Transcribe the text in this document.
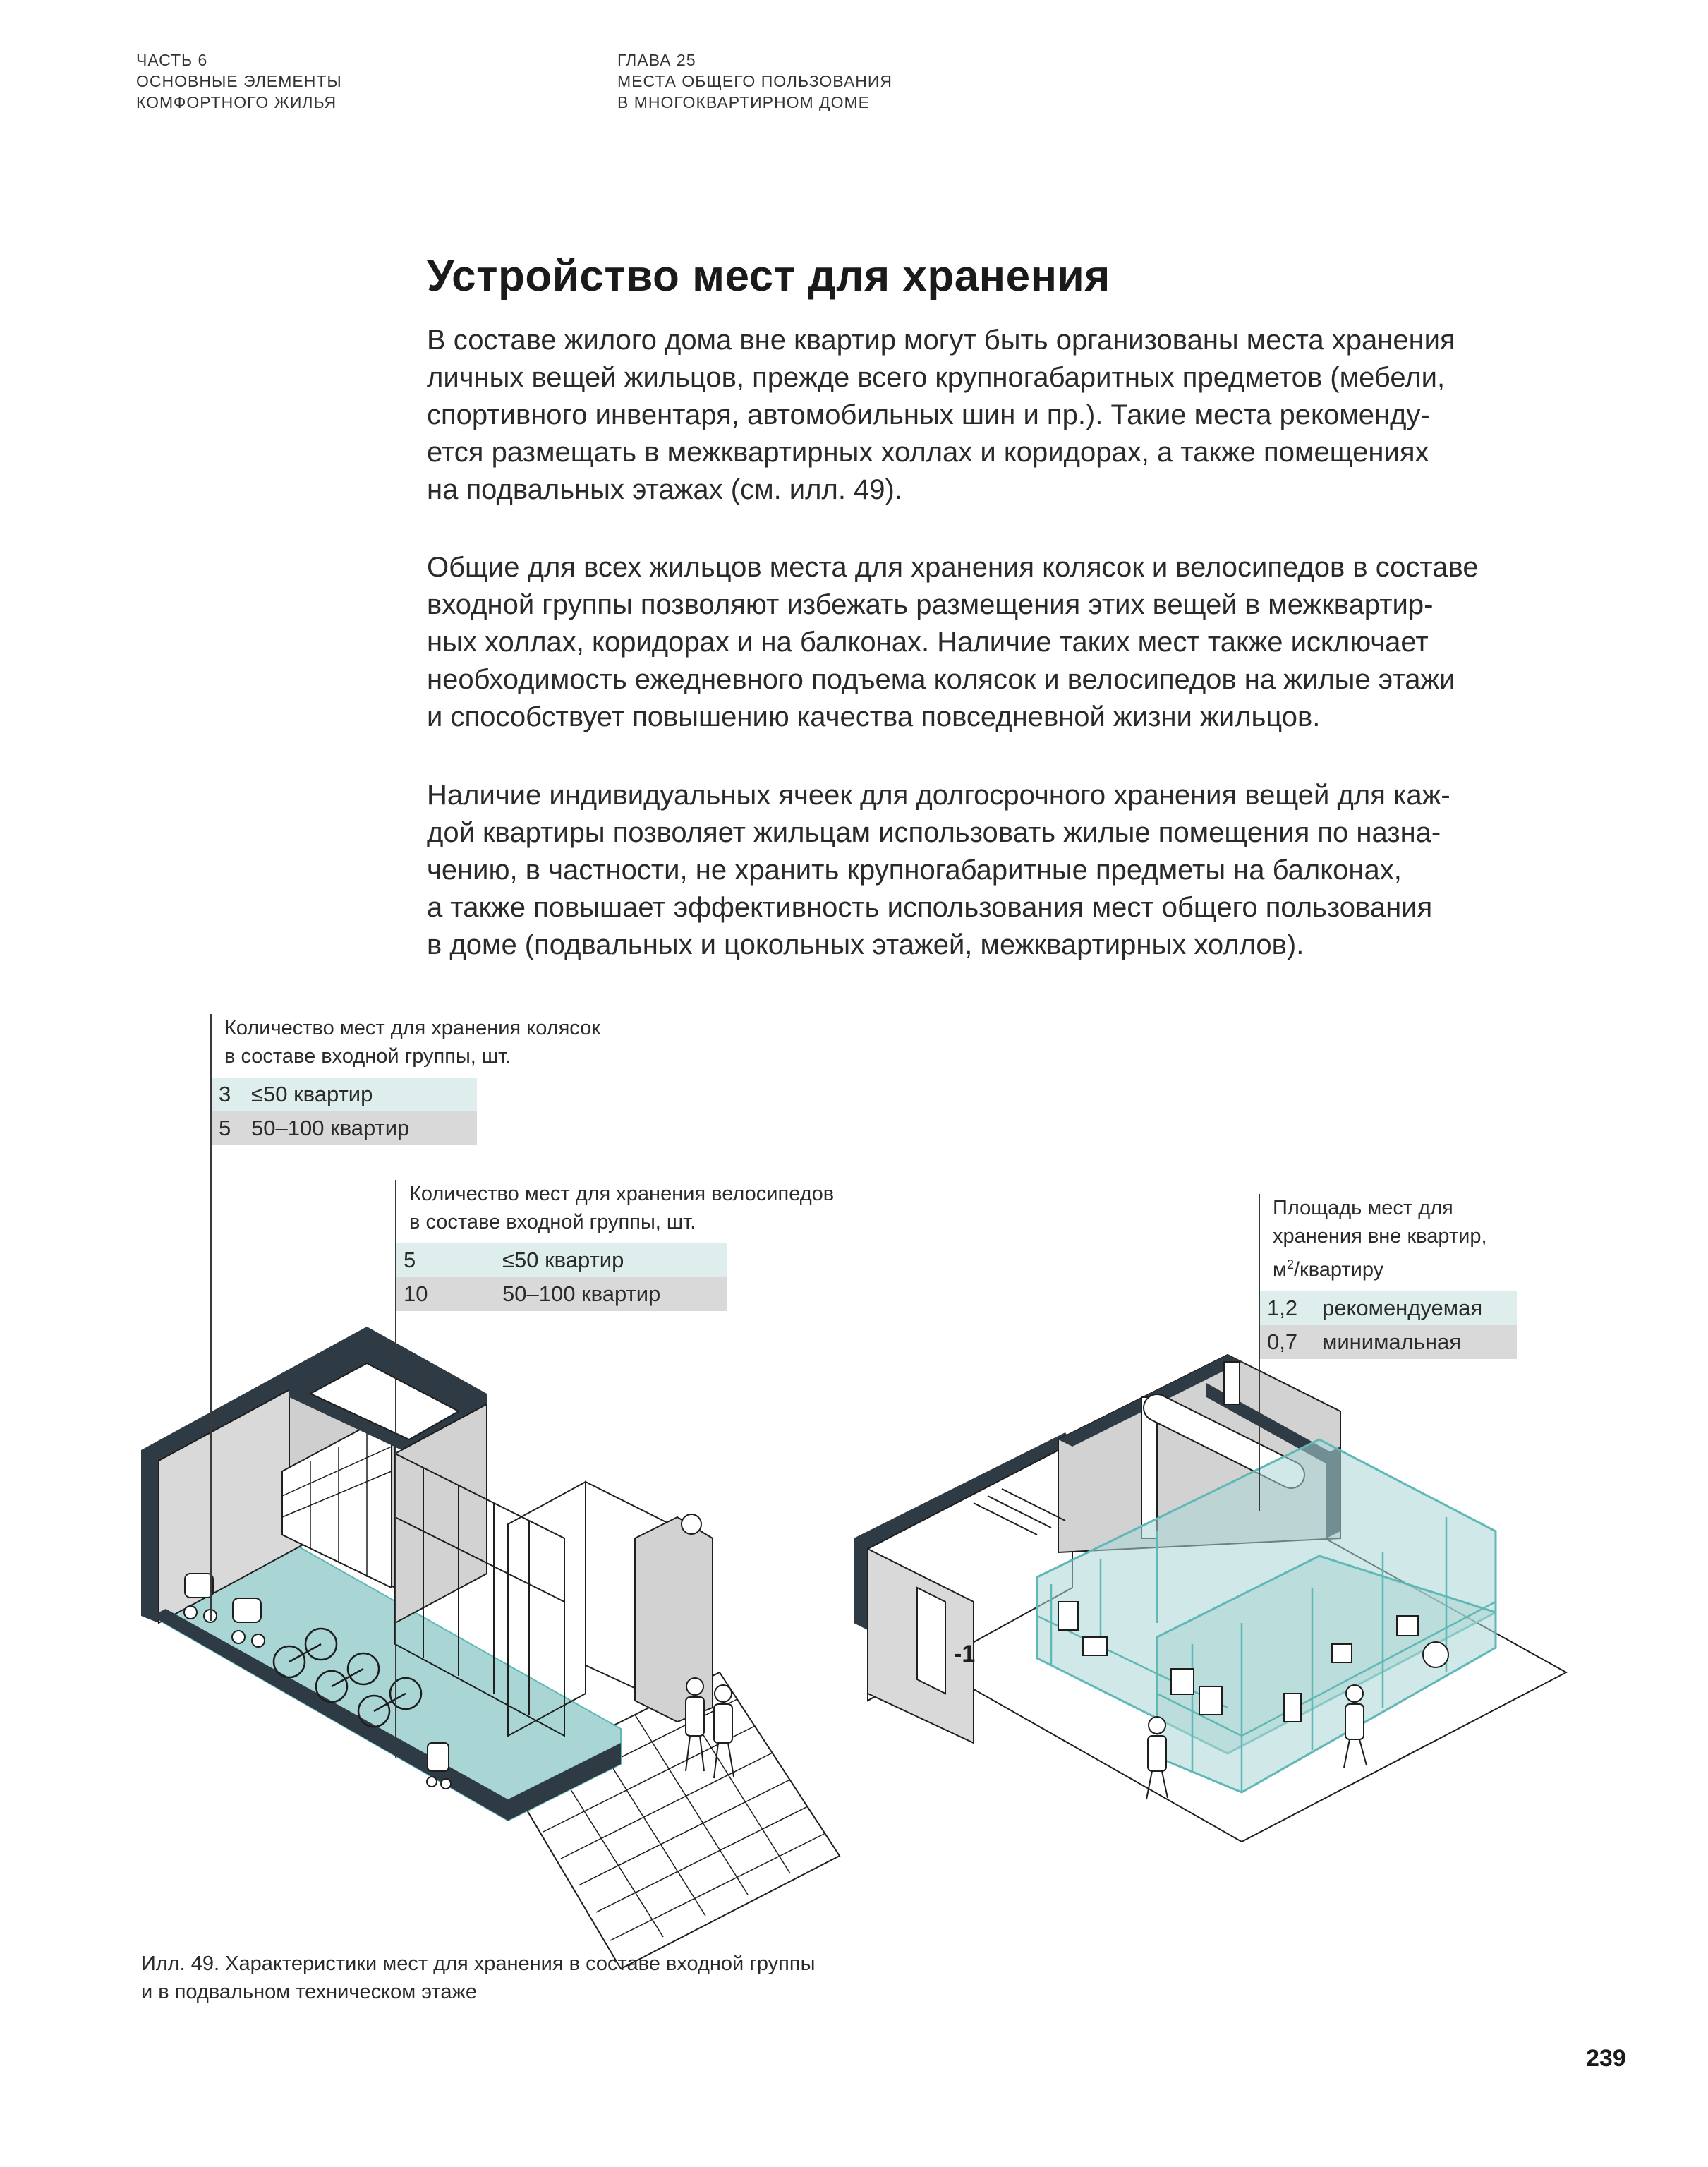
ЧАСТЬ 6
ОСНОВНЫЕ ЭЛЕМЕНТЫ
КОМФОРТНОГО ЖИЛЬЯ
ГЛАВА 25
МЕСТА ОБЩЕГО ПОЛЬЗОВАНИЯ
В МНОГОКВАРТИРНОМ ДОМЕ
Устройство мест для хранения
В составе жилого дома вне квартир могут быть организованы места хранения
личных вещей жильцов, прежде всего крупногабаритных предметов (мебели,
спортивного инвентаря, автомобильных шин и пр.). Такие места рекоменду-
ется размещать в межквартирных холлах и коридорах, а также помещениях
на подвальных этажах (см. илл. 49).
Общие для всех жильцов места для хранения колясок и велосипедов в составе
входной группы позволяют избежать размещения этих вещей в межквартир-
ных холлах, коридорах и на балконах. Наличие таких мест также исключает
необходимость ежедневного подъема колясок и велосипедов на жилые этажи
и способствует повышению качества повседневной жизни жильцов.
Наличие индивидуальных ячеек для долгосрочного хранения вещей для каж-
дой квартиры позволяет жильцам использовать жилые помещения по назна-
чению, в частности, не хранить крупногабаритные предметы на балконах,
а также повышает эффективность использования мест общего пользования
в доме (подвальных и цокольных этажей, межквартирных холлов).
-1
Количество мест для хранения колясок
в составе входной группы, шт.
3	≤50 квартир
5	50–100 квартир
Количество мест для хранения велосипедов
в составе входной группы, шт.
5	≤50 квартир
10	50–100 квартир
Площадь мест для
хранения вне квартир,
$м^2$/квартиру
1,2	рекомендуемая
0,7	минимальная
Илл. 49. Характеристики мест для хранения в составе входной группы
и в подвальном техническом этаже
239
